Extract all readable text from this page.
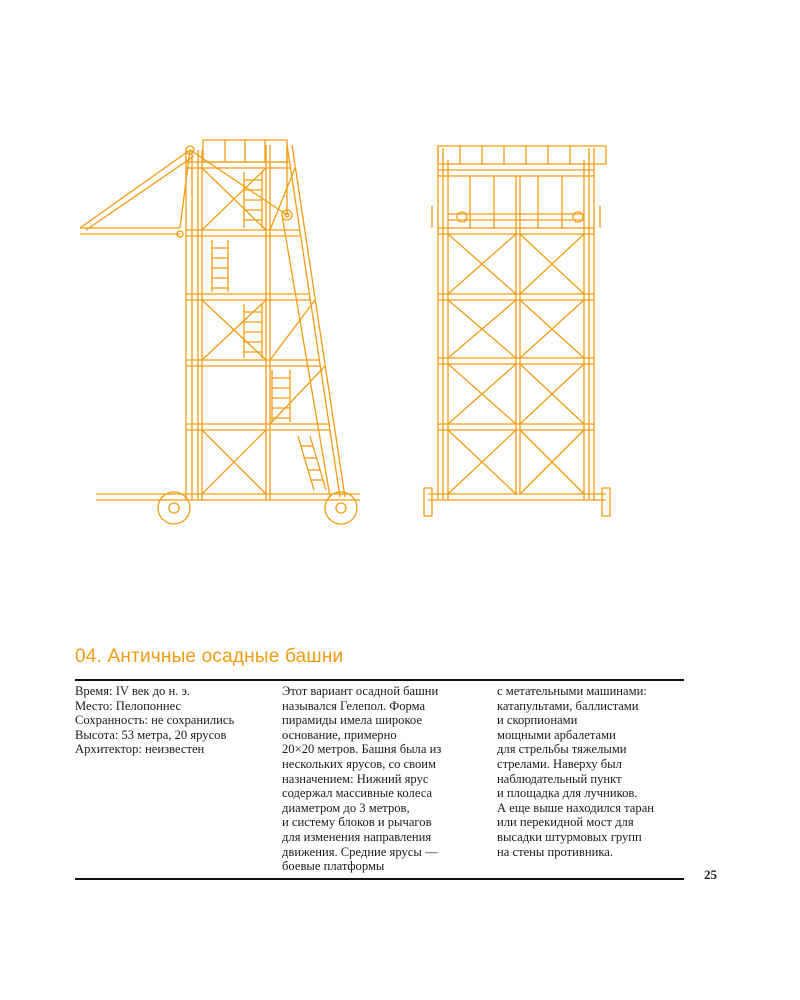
04. Античные осадные башни
Время: IV век до н. э.
Место: Пелопоннес
Сохранность: не сохранились
Высота: 53 метра, 20 ярусов
Архитектор: неизвестен
Этот вариант осадной башни
назывался Гелепол. Форма
пирамиды имела широкое
основание, примерно
20×20 метров. Башня была из
нескольких ярусов, со своим
назначением: Нижний ярус
содержал массивные колеса
диаметром до 3 метров,
и систему блоков и рычагов
для изменения направления
движения. Средние ярусы —
боевые платформы
с метательными машинами:
катапультами, баллистами
и скорпионами
мощными арбалетами
для стрельбы тяжелыми
стрелами. Наверху был
наблюдательный пункт
и площадка для лучников.
А еще выше находился таран
или перекидной мост для
высадки штурмовых групп
на стены противника.
25
